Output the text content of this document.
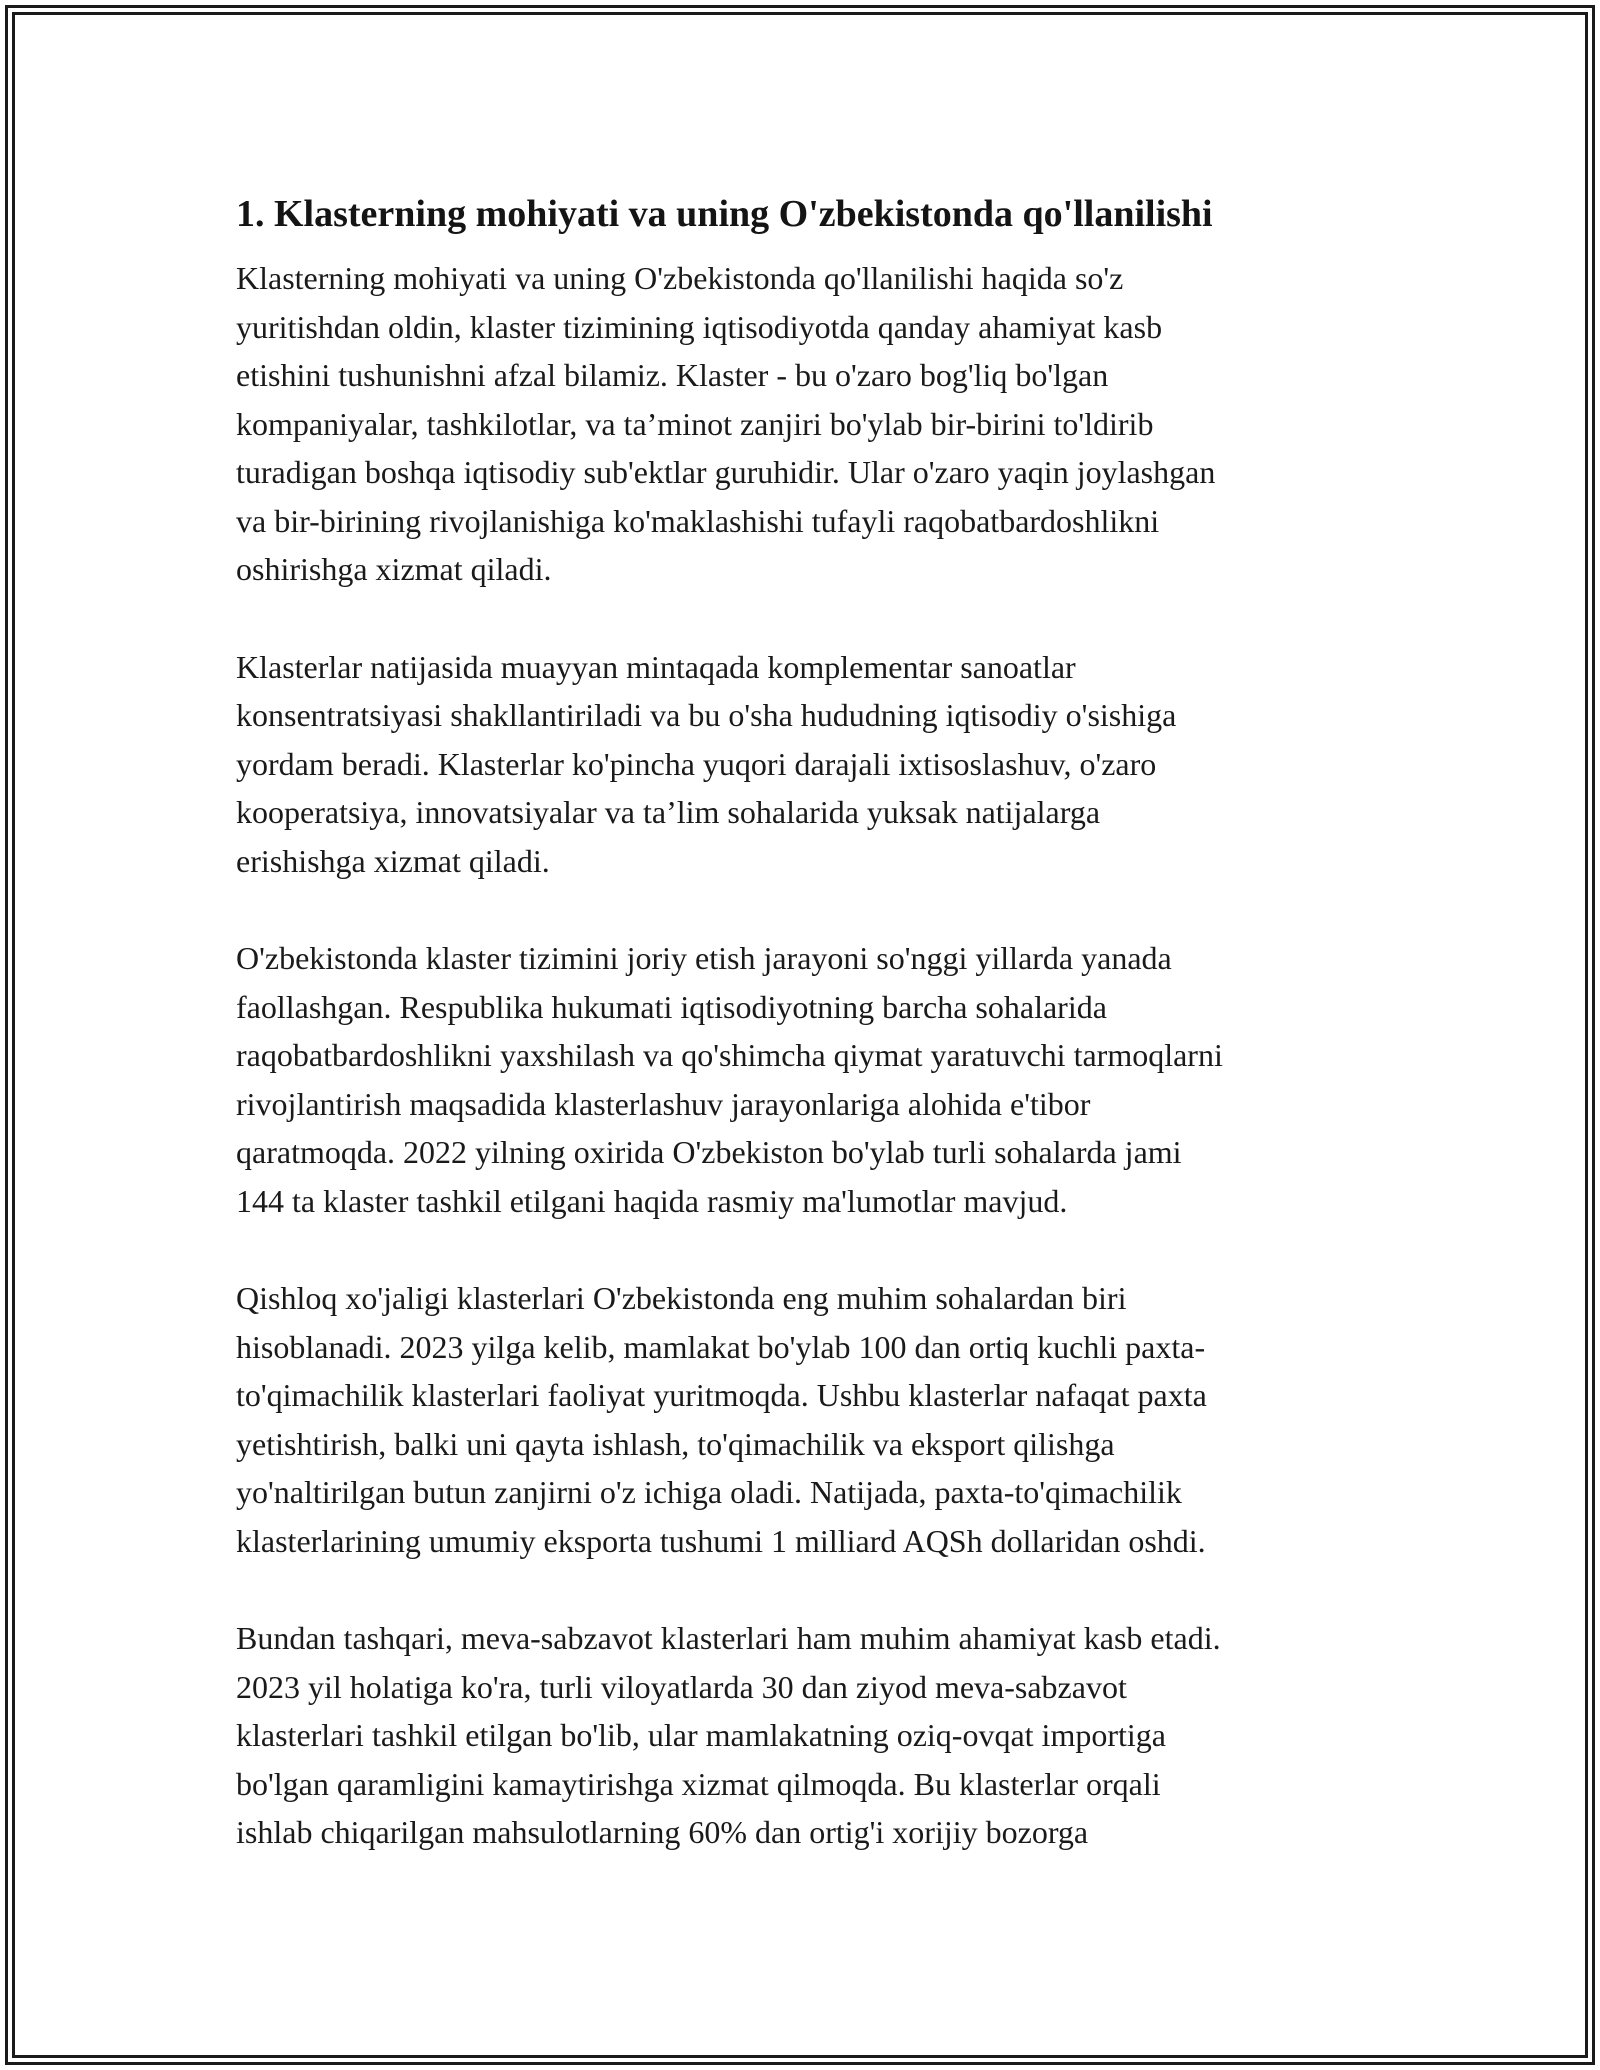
1. Klasterning mohiyati va uning O'zbekistonda qo'llanilishi

Klasterning mohiyati va uning O'zbekistonda qo'llanilishi haqida so'z
yuritishdan oldin, klaster tizimining iqtisodiyotda qanday ahamiyat kasb
etishini tushunishni afzal bilamiz. Klaster - bu o'zaro bog'liq bo'lgan
kompaniyalar, tashkilotlar, va ta’minot zanjiri bo'ylab bir-birini to'ldirib
turadigan boshqa iqtisodiy sub'ektlar guruhidir. Ular o'zaro yaqin joylashgan
va bir-birining rivojlanishiga ko'maklashishi tufayli raqobatbardoshlikni
oshirishga xizmat qiladi.

Klasterlar natijasida muayyan mintaqada komplementar sanoatlar
konsentratsiyasi shakllantiriladi va bu o'sha hududning iqtisodiy o'sishiga
yordam beradi. Klasterlar ko'pincha yuqori darajali ixtisoslashuv, o'zaro
kooperatsiya, innovatsiyalar va ta’lim sohalarida yuksak natijalarga
erishishga xizmat qiladi.

O'zbekistonda klaster tizimini joriy etish jarayoni so'nggi yillarda yanada
faollashgan. Respublika hukumati iqtisodiyotning barcha sohalarida
raqobatbardoshlikni yaxshilash va qo'shimcha qiymat yaratuvchi tarmoqlarni
rivojlantirish maqsadida klasterlashuv jarayonlariga alohida e'tibor
qaratmoqda. 2022 yilning oxirida O'zbekiston bo'ylab turli sohalarda jami
144 ta klaster tashkil etilgani haqida rasmiy ma'lumotlar mavjud.

Qishloq xo'jaligi klasterlari O'zbekistonda eng muhim sohalardan biri
hisoblanadi. 2023 yilga kelib, mamlakat bo'ylab 100 dan ortiq kuchli paxta-
to'qimachilik klasterlari faoliyat yuritmoqda. Ushbu klasterlar nafaqat paxta
yetishtirish, balki uni qayta ishlash, to'qimachilik va eksport qilishga
yo'naltirilgan butun zanjirni o'z ichiga oladi. Natijada, paxta-to'qimachilik
klasterlarining umumiy eksporta tushumi 1 milliard AQSh dollaridan oshdi.

Bundan tashqari, meva-sabzavot klasterlari ham muhim ahamiyat kasb etadi.
2023 yil holatiga ko'ra, turli viloyatlarda 30 dan ziyod meva-sabzavot
klasterlari tashkil etilgan bo'lib, ular mamlakatning oziq-ovqat importiga
bo'lgan qaramligini kamaytirishga xizmat qilmoqda. Bu klasterlar orqali
ishlab chiqarilgan mahsulotlarning 60% dan ortig'i xorijiy bozorga
